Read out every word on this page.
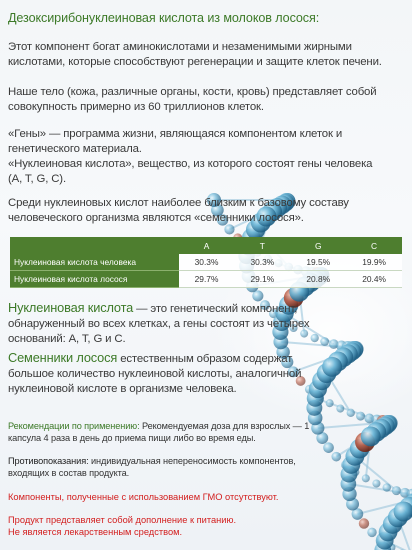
Дезоксирибонуклеиновая кислота из молоков лосося:
Этот компонент богат аминокислотами и незаменимыми жирными кислотами, которые способствуют регенерации и защите клеток печени.
Наше тело (кожа, различные органы, кости, кровь) представляет собой совокупность примерно из 60 триллионов клеток.
«Гены» — программа жизни, являющаяся компонентом клеток и генетического материала.
«Нуклеиновая кислота», вещество, из которого состоят гены человека (A, T, G, C).
Среди нуклеиновых кислот наиболее близким к базовому составу человеческого организма являются «семенники лосося».
	A	T	G	C
Нуклеиновая кислота человека	30.3%	30.3%	19.5%	19.9%
Нуклеиновая кислота лосося	29.7%	29.1%	20.8%	20.4%
Нуклеиновая кислота — это генетический компонент, обнаруженный во всех клетках, а гены состоят из четырех оснований: A, T, G и C.
Семенники лосося естественным образом содержат большое количество нуклеиновой кислоты, аналогичной нуклеиновой кислоте в организме человека.
Рекомендации по применению: Рекомендуемая доза для взрослых — 1 капсула 4 раза в день до приема пищи либо во время еды.
Противопоказания: индивидуальная непереносимость компонентов, входящих в состав продукта.
Компоненты, полученные с использованием ГМО отсутствуют.
Продукт представляет собой дополнение к питанию.
Не является лекарственным средством.
